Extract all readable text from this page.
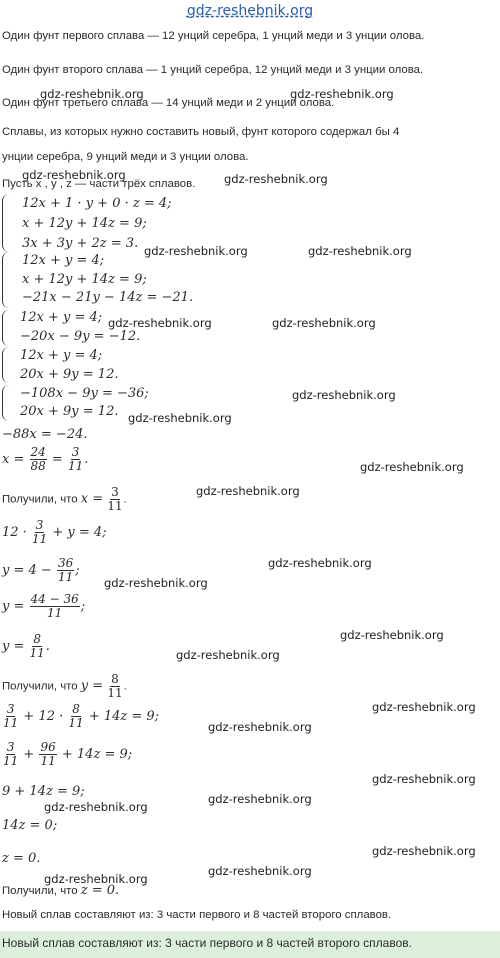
gdz-reshebnik.org
Один фунт первого сплава — 12 унций серебра, 1 унций меди и 3 унции олова.
Один фунт второго сплава — 1 унций серебра, 12 унций меди и 3 унции олова.
Один фунт третьего сплава — 14 унций меди и 2 унции олова.
Сплавы, из которых нужно составить новый, фунт которого содержал бы 4
унции серебра, 9 унций меди и 3 унции олова.
Пусть x , y , z — части трёх сплавов.
12x + 1 · y + 0 · z = 4;
x + 12y + 14z = 9;
3x + 3y + 2z = 3.
12x + y = 4;
x + 12y + 14z = 9;
−21x − 21y − 14z = −21.
12x + y = 4;
−20x − 9y = −12.
12x + y = 4;
20x + 9y = 12.
−108x − 9y = −36;
20x + 9y = 12.
−88x = −24.
$x = \frac{24}{88} = \frac{3}{11}$ .
Получили, что $x = \frac{3}{11}$ .
$12 \cdot \frac{3}{11} + y = 4$;
$y = 4 - \frac{36}{11}$ ;
$y = \frac{44 - 36}{11}$ ;
$y = \frac{8}{11}$ .
Получили, что $y = \frac{8}{11}$ .
$\frac{3}{11} + 12 \cdot \frac{8}{11} + 14z = 9$;
$\frac{3}{11} + \frac{96}{11} + 14z = 9$;
9 + 14z = 9;
14z = 0;
z = 0.
Получили, что z = 0.
Новый сплав составляют из: 3 части первого и 8 частей второго сплавов.
Новый сплав составляют из: 3 части первого и 8 частей второго сплавов.
gdz-reshebnik.org	gdz-reshebnik.org
gdz-reshebnik.org	gdz-reshebnik.org
gdz-reshebnik.org	gdz-reshebnik.org
gdz-reshebnik.org	gdz-reshebnik.org
gdz-reshebnik.org
gdz-reshebnik.org
gdz-reshebnik.org
gdz-reshebnik.org
gdz-reshebnik.org
gdz-reshebnik.org
gdz-reshebnik.org
gdz-reshebnik.org
gdz-reshebnik.org
gdz-reshebnik.org
gdz-reshebnik.org
gdz-reshebnik.org
gdz-reshebnik.org
gdz-reshebnik.org
gdz-reshebnik.org
gdz-reshebnik.org
